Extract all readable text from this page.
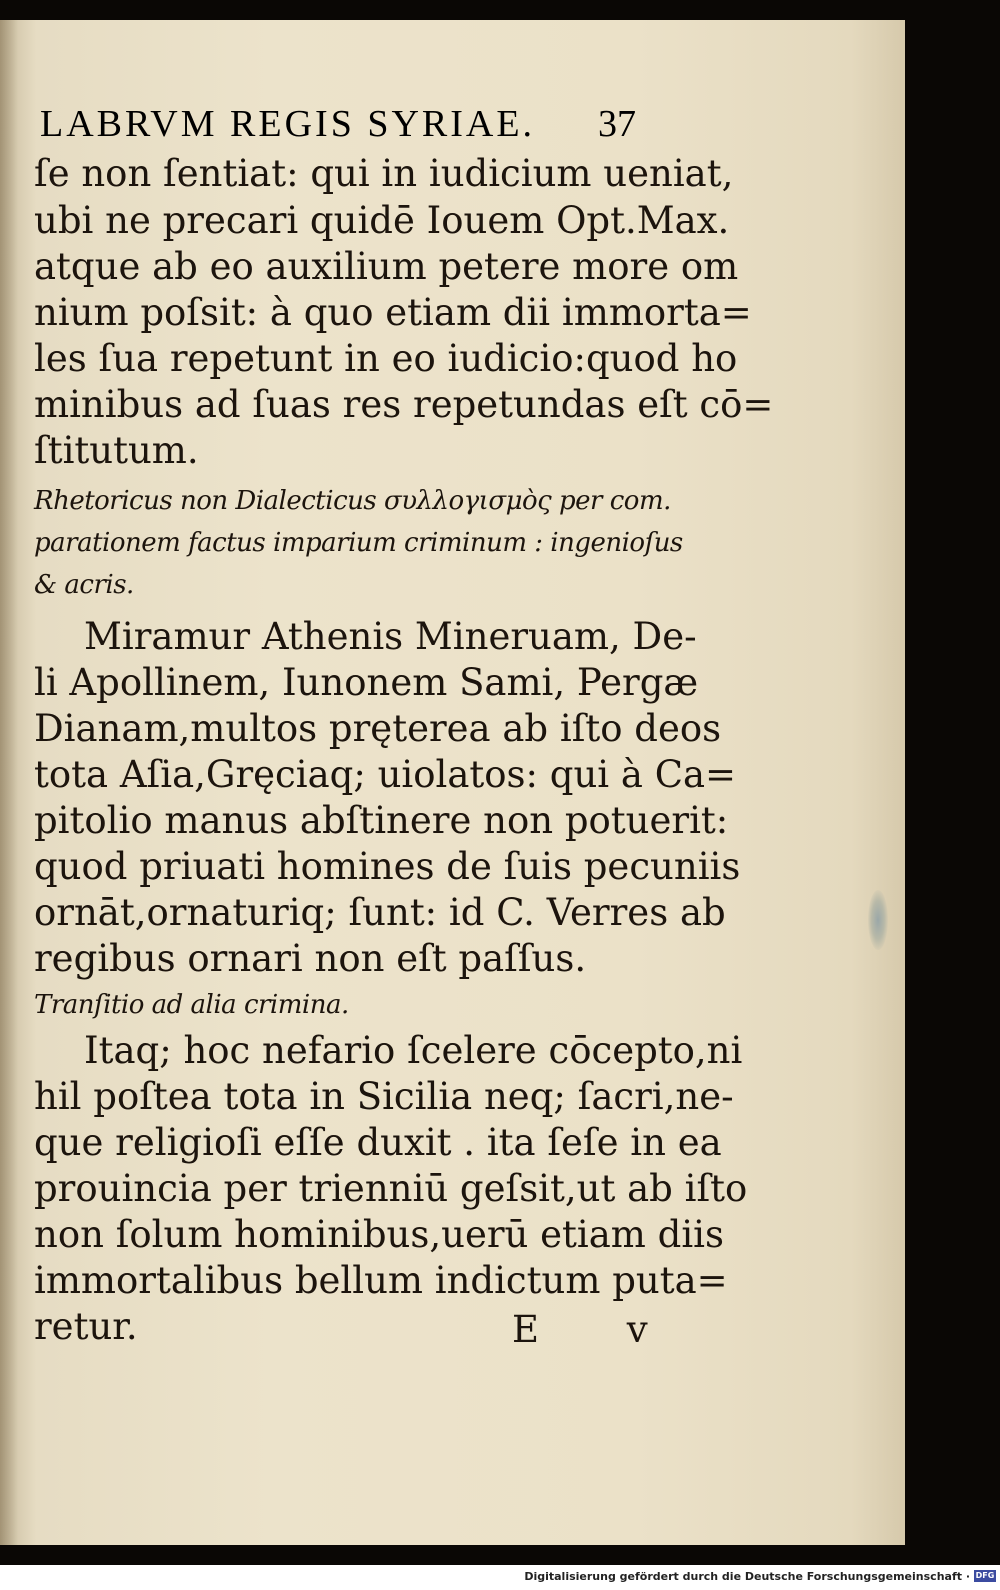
LABRVM REGIS SYRIAE. 37
ſe non ſentiat: qui in iudicium ueniat,
ubi ne precari quidē Iouem Opt.Max.
atque ab eo auxilium petere more om
nium poſsit: à quo etiam dii immorta=
les ſua repetunt in eo iudicio:quod ho
minibus ad ſuas res repetundas eſt cō=
ſtitutum.
Rhetoricus non Dialecticus συλλογισμὸς per com.
parationem factus imparium criminum : ingenioſus
& acris.
Miramur Athenis Mineruam, De-
li Apollinem, Iunonem Sami, Pergæ
Dianam,multos pręterea ab iſto deos
tota Aſia,Gręciaq; uiolatos: qui à Ca=
pitolio manus abſtinere non potuerit:
quod priuati homines de ſuis pecuniis
ornāt,ornaturiq; ſunt: id C. Verres ab
regibus ornari non eſt paſſus.
Tranſitio ad alia crimina.
Itaq; hoc nefario ſcelere cōcepto,ni
hil poſtea tota in Sicilia neq; ſacri,ne-
que religioſi eſſe duxit . ita ſeſe in ea
prouincia per trienniū geſsit,ut ab iſto
non ſolum hominibus,uerū etiam diis
immortalibus bellum indictum puta=
retur.	E v
Digitalisierung gefördert durch die Deutsche Forschungsgemeinschaft · DFG
